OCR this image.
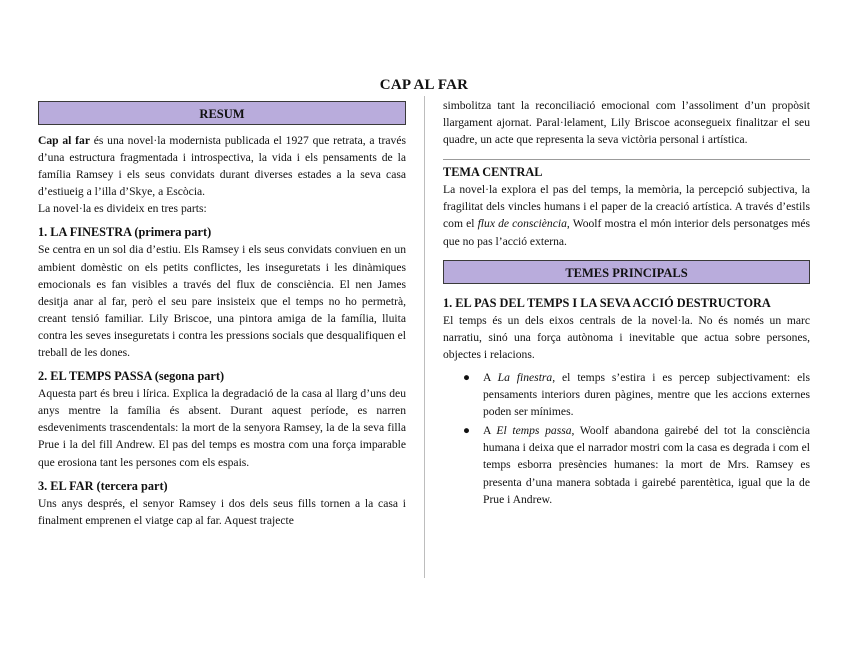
CAP AL FAR
RESUM

Cap al far és una novel·la modernista publicada el 1927 que retrata, a través d’una estructura fragmentada i introspectiva, la vida i els pensaments de la família Ramsey i els seus convidats durant diverses estades a la seva casa d’estiueig a l’illa d’Skye, a Escòcia.

La novel·la es divideix en tres parts:

1. LA FINESTRA (primera part)

Se centra en un sol dia d’estiu. Els Ramsey i els seus convidats conviuen en un ambient domèstic on els petits conflictes, les inseguretats i les dinàmiques emocionals es fan visibles a través del flux de consciència. El nen James desitja anar al far, però el seu pare insisteix que el temps no ho permetrà, creant tensió familiar. Lily Briscoe, una pintora amiga de la família, lluita contra les seves inseguretats i contra les pressions socials que desqualifiquen el treball de les dones.

2. EL TEMPS PASSA (segona part)

Aquesta part és breu i lírica. Explica la degradació de la casa al llarg d’uns deu anys mentre la família és absent. Durant aquest període, es narren esdeveniments trascendentals: la mort de la senyora Ramsey, la de la seva filla Prue i la del fill Andrew. El pas del temps es mostra com una força imparable que erosiona tant les persones com els espais.

3. EL FAR (tercera part)

Uns anys després, el senyor Ramsey i dos dels seus fills tornen a la casa i finalment emprenen el viatge cap al far. Aquest trajecte

simbolitza tant la reconciliació emocional com l’assoliment d’un propòsit llargament ajornat. Paral·lelament, Lily Briscoe aconsegueix finalitzar el seu quadre, un acte que representa la seva victòria personal i artística.

TEMA CENTRAL

La novel·la explora el pas del temps, la memòria, la percepció subjectiva, la fragilitat dels vincles humans i el paper de la creació artística. A través d’estils com el flux de consciència, Woolf mostra el món interior dels personatges més que no pas l’acció externa.

TEMES PRINCIPALS
1. EL PAS DEL TEMPS I LA SEVA ACCIÓ DESTRUCTORA

El temps és un dels eixos centrals de la novel·la. No és només un marc narratiu, sinó una força autònoma i inevitable que actua sobre persones, objectes i relacions.

● A La finestra, el temps s’estira i es percep subjectivament: els pensaments interiors duren pàgines, mentre que les accions externes poden ser mínimes.
● A El temps passa, Woolf abandona gairebé del tot la consciència humana i deixa que el narrador mostri com la casa es degrada i com el temps esborra presències humanes: la mort de Mrs. Ramsey es presenta d’una manera sobtada i gairebé parentètica, igual que la de Prue i Andrew.
